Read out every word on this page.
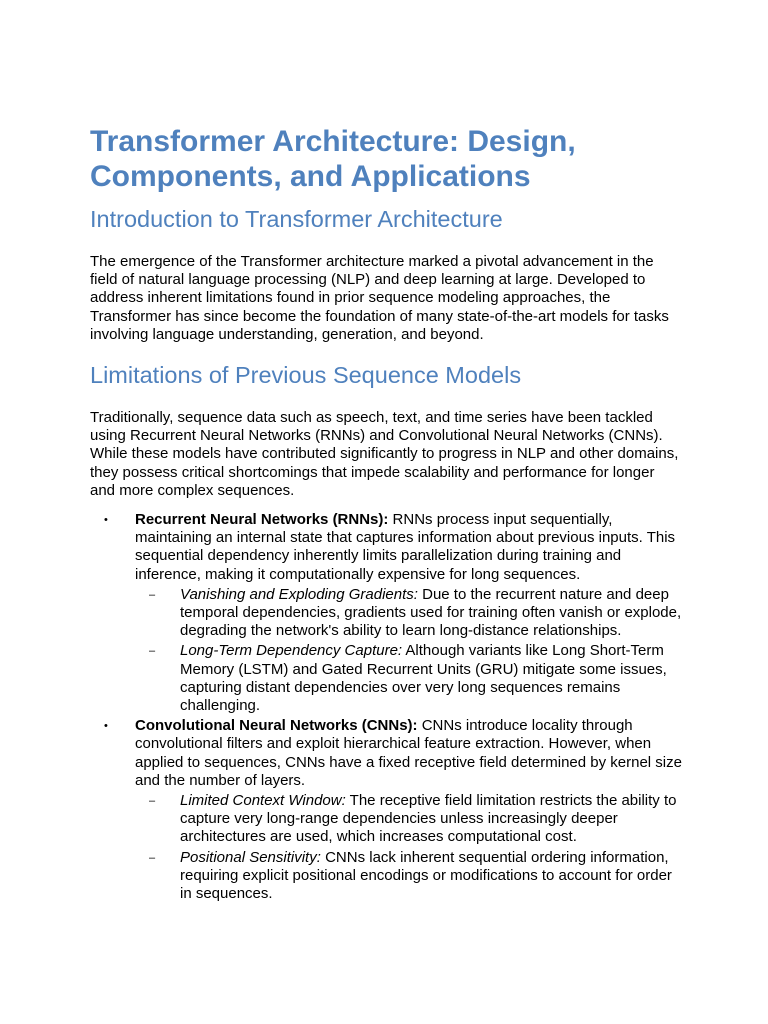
Transformer Architecture: Design, Components, and Applications
Introduction to Transformer Architecture

The emergence of the Transformer architecture marked a pivotal advancement in the field of natural language processing (NLP) and deep learning at large. Developed to address inherent limitations found in prior sequence modeling approaches, the Transformer has since become the foundation of many state-of-the-art models for tasks involving language understanding, generation, and beyond.

Limitations of Previous Sequence Models

Traditionally, sequence data such as speech, text, and time series have been tackled using Recurrent Neural Networks (RNNs) and Convolutional Neural Networks (CNNs). While these models have contributed significantly to progress in NLP and other domains, they possess critical shortcomings that impede scalability and performance for longer and more complex sequences.

• Recurrent Neural Networks (RNNs): RNNs process input sequentially, maintaining an internal state that captures information about previous inputs. This sequential dependency inherently limits parallelization during training and inference, making it computationally expensive for long sequences.
– Vanishing and Exploding Gradients: Due to the recurrent nature and deep temporal dependencies, gradients used for training often vanish or explode, degrading the network's ability to learn long-distance relationships.
– Long-Term Dependency Capture: Although variants like Long Short-Term Memory (LSTM) and Gated Recurrent Units (GRU) mitigate some issues, capturing distant dependencies over very long sequences remains challenging.
• Convolutional Neural Networks (CNNs): CNNs introduce locality through convolutional filters and exploit hierarchical feature extraction. However, when applied to sequences, CNNs have a fixed receptive field determined by kernel size and the number of layers.
– Limited Context Window: The receptive field limitation restricts the ability to capture very long-range dependencies unless increasingly deeper architectures are used, which increases computational cost.
– Positional Sensitivity: CNNs lack inherent sequential ordering information, requiring explicit positional encodings or modifications to account for order in sequences.
